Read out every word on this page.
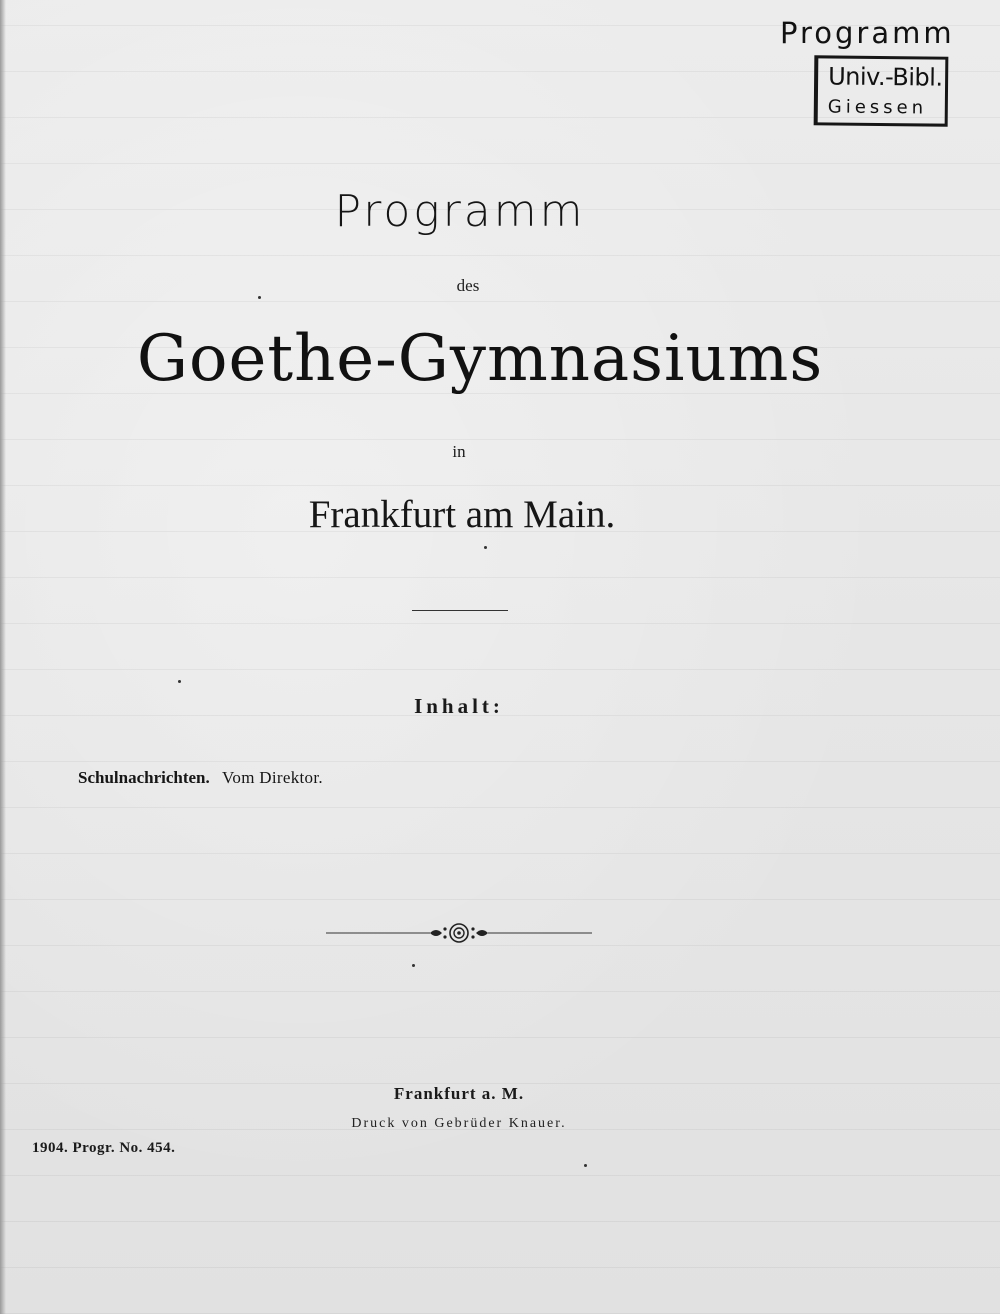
Programm
Univ.-Bibl.
Giessen
Programm
des
Goethe-Gymnasiums
in
Frankfurt am Main.
Inhalt:
Schulnachrichten. Vom Direktor.
Frankfurt a. M.
Druck von Gebrüder Knauer.
1904. Progr. No. 454.
